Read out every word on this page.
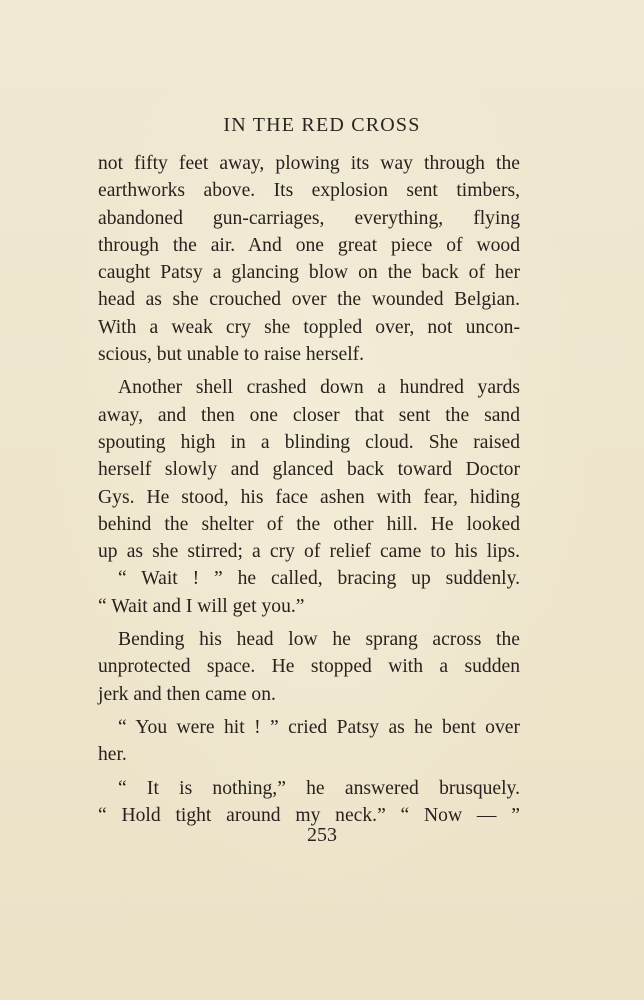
IN THE RED CROSS
not fifty feet away, plowing its way through the
earthworks above. Its explosion sent timbers,
abandoned gun-carriages, everything, flying
through the air. And one great piece of wood
caught Patsy a glancing blow on the back of her
head as she crouched over the wounded Belgian.
With a weak cry she toppled over, not uncon-
scious, but unable to raise herself.
Another shell crashed down a hundred yards
away, and then one closer that sent the sand
spouting high in a blinding cloud. She raised
herself slowly and glanced back toward Doctor
Gys. He stood, his face ashen with fear, hiding
behind the shelter of the other hill. He looked
up as she stirred; a cry of relief came to his lips.
“ Wait ! ” he called, bracing up suddenly.
“ Wait and I will get you.”
Bending his head low he sprang across the
unprotected space. He stopped with a sudden
jerk and then came on.
“ You were hit ! ” cried Patsy as he bent over
her.
“ It is nothing,” he answered brusquely.
“ Hold tight around my neck.” “ Now — ”
253
